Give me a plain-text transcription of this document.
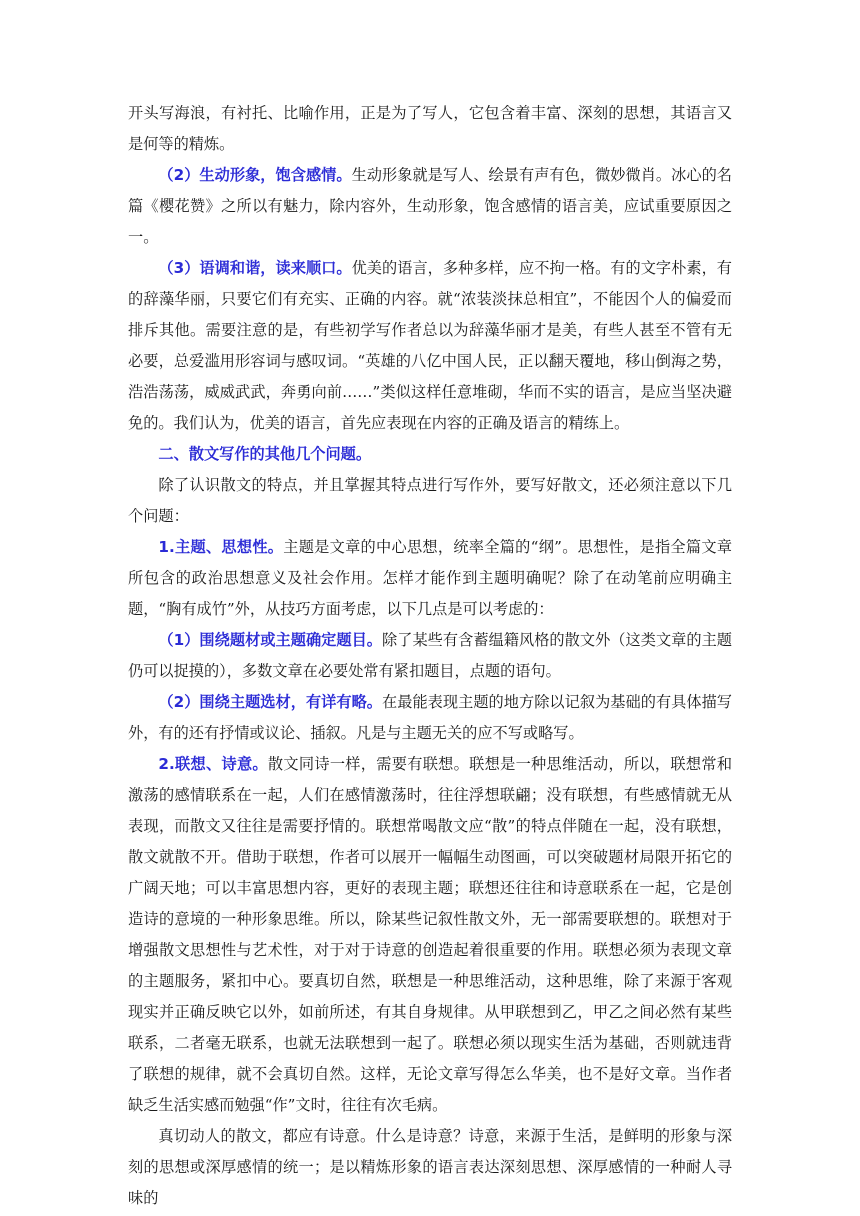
开头写海浪，有衬托、比喻作用，正是为了写人，它包含着丰富、深刻的思想，其语言又是何等的精炼。

（2）生动形象，饱含感情。生动形象就是写人、绘景有声有色，微妙微肖。冰心的名篇《樱花赞》之所以有魅力，除内容外，生动形象，饱含感情的语言美，应试重要原因之一。

（3）语调和谐，读来顺口。优美的语言，多种多样，应不拘一格。有的文字朴素，有的辞藻华丽，只要它们有充实、正确的内容。就“浓装淡抹总相宜”，不能因个人的偏爱而排斥其他。需要注意的是，有些初学写作者总以为辞藻华丽才是美，有些人甚至不管有无必要，总爱滥用形容词与感叹词。“英雄的八亿中国人民，正以翻天覆地，移山倒海之势，浩浩荡荡，威威武武，奔勇向前……”类似这样任意堆砌，华而不实的语言，是应当坚决避免的。我们认为，优美的语言，首先应表现在内容的正确及语言的精练上。

二、散文写作的其他几个问题。

除了认识散文的特点，并且掌握其特点进行写作外，要写好散文，还必须注意以下几个问题：

1.主题、思想性。主题是文章的中心思想，统率全篇的“纲”。思想性，是指全篇文章所包含的政治思想意义及社会作用。怎样才能作到主题明确呢？除了在动笔前应明确主题，“胸有成竹”外，从技巧方面考虑，以下几点是可以考虑的：

（1）围绕题材或主题确定题目。除了某些有含蓄缊籍风格的散文外（这类文章的主题仍可以捉摸的），多数文章在必要处常有紧扣题目，点题的语句。

（2）围绕主题选材，有详有略。在最能表现主题的地方除以记叙为基础的有具体描写外，有的还有抒情或议论、插叙。凡是与主题无关的应不写或略写。

2.联想、诗意。散文同诗一样，需要有联想。联想是一种思维活动，所以，联想常和激荡的感情联系在一起，人们在感情激荡时，往往浮想联翩；没有联想，有些感情就无从表现，而散文又往往是需要抒情的。联想常喝散文应“散”的特点伴随在一起，没有联想，散文就散不开。借助于联想，作者可以展开一幅幅生动图画，可以突破题材局限开拓它的广阔天地；可以丰富思想内容，更好的表现主题；联想还往往和诗意联系在一起，它是创造诗的意境的一种形象思维。所以，除某些记叙性散文外，无一部需要联想的。联想对于增强散文思想性与艺术性，对于对于诗意的创造起着很重要的作用。联想必须为表现文章的主题服务，紧扣中心。要真切自然，联想是一种思维活动，这种思维，除了来源于客观现实并正确反映它以外，如前所述，有其自身规律。从甲联想到乙，甲乙之间必然有某些联系，二者毫无联系，也就无法联想到一起了。联想必须以现实生活为基础，否则就违背了联想的规律，就不会真切自然。这样，无论文章写得怎么华美，也不是好文章。当作者缺乏生活实感而勉强“作”文时，往往有次毛病。

真切动人的散文，都应有诗意。什么是诗意？诗意，来源于生活，是鲜明的形象与深刻的思想或深厚感情的统一；是以精炼形象的语言表达深刻思想、深厚感情的一种耐人寻味的
